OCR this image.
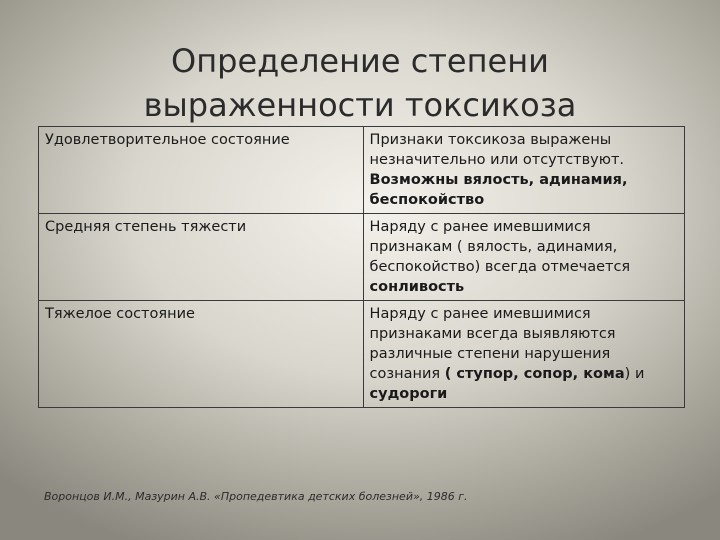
Определение степени
выраженности токсикоза
Удовлетворительное состояние	Признаки токсикоза выражены незначительно или отсутствуют. Возможны вялость, адинамия, беспокойство
Средняя степень тяжести	Наряду с ранее имевшимися признакам ( вялость, адинамия, беспокойство) всегда отмечается сонливость
Тяжелое состояние	Наряду с ранее имевшимися признаками всегда выявляются различные степени нарушения сознания ( ступор, сопор, кома) и судороги
Воронцов И.М., Мазурин А.В. «Пропедевтика детских болезней», 1986 г.
